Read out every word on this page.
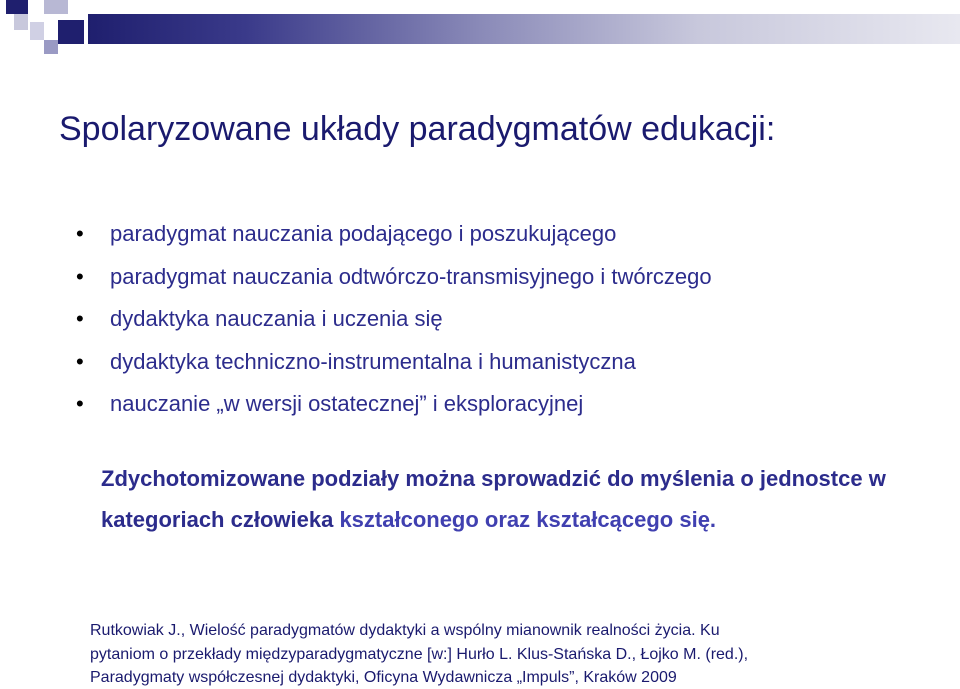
Spolaryzowane układy paradygmatów edukacji:
• paradygmat nauczania podającego i poszukującego
• paradygmat nauczania odtwórczo-transmisyjnego i twórczego
• dydaktyka nauczania i uczenia się
• dydaktyka techniczno-instrumentalna i humanistyczna
• nauczanie „w wersji ostatecznej” i eksploracyjnej

Zdychotomizowane podziały można sprowadzić do myślenia o jednostce w kategoriach człowieka kształconego oraz kształcącego się.

Rutkowiak J., Wielość paradygmatów dydaktyki a wspólny mianownik realności życia. Ku
pytaniom o przekłady międzyparadygmatyczne [w:] Hurło L. Klus-Stańska D., Łojko M. (red.),
Paradygmaty współczesnej dydaktyki, Oficyna Wydawnicza „Impuls”, Kraków 2009
